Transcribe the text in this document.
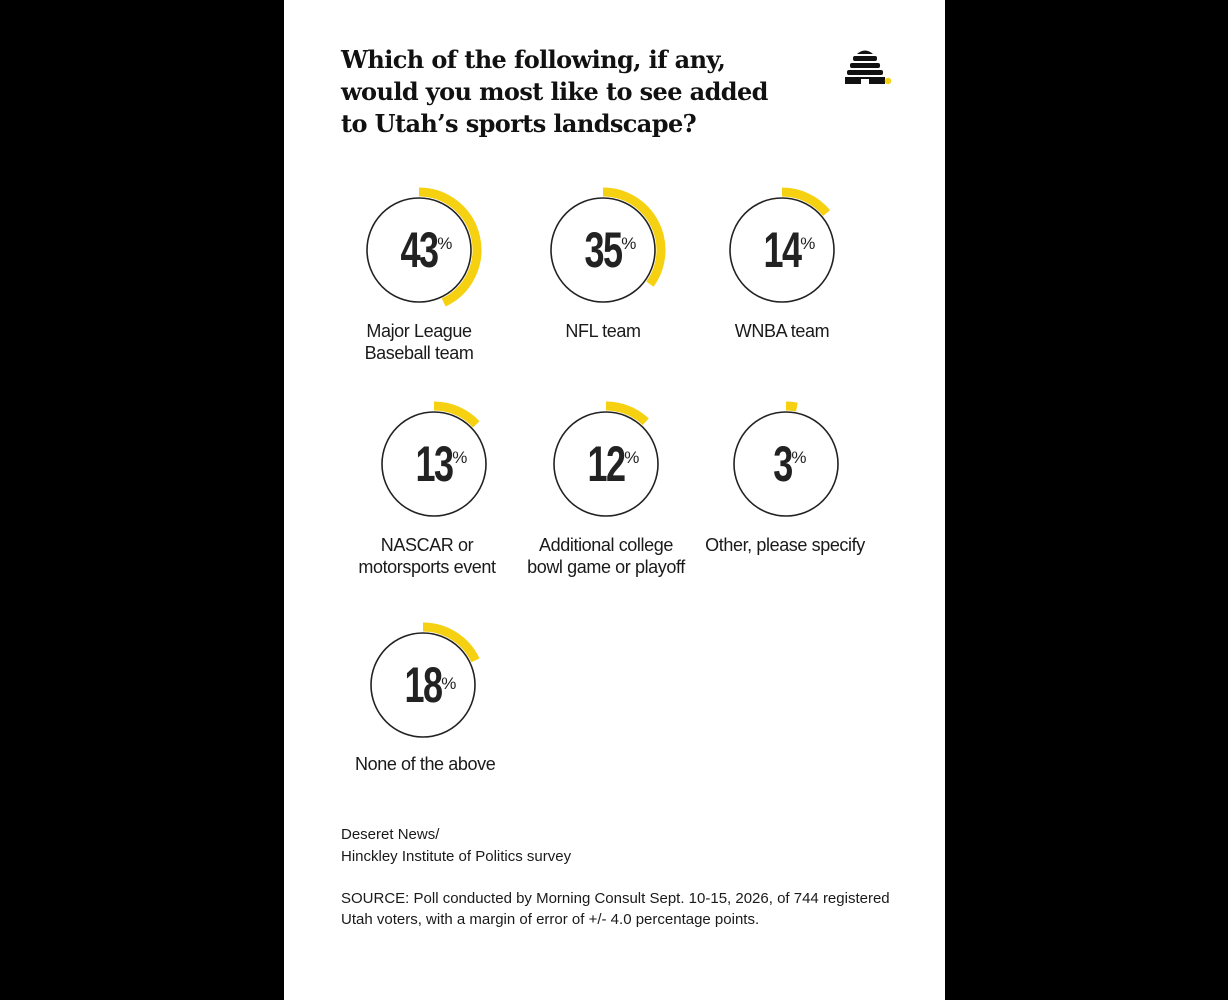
Which of the following, if any, would you most like to see added to Utah’s sports landscape?
43 %
Major League
Baseball team
35 %
NFL team
14 %
WNBA team
13 %
NASCAR or
motorsports event
12 %
Additional college
bowl game or playoff
3 %
Other, please specify
18 %
None of the above
Deseret News/
Hinckley Institute of Politics survey
SOURCE: Poll conducted by Morning Consult Sept. 10-15, 2026, of 744 registered Utah voters, with a margin of error of +/- 4.0 percentage points.
